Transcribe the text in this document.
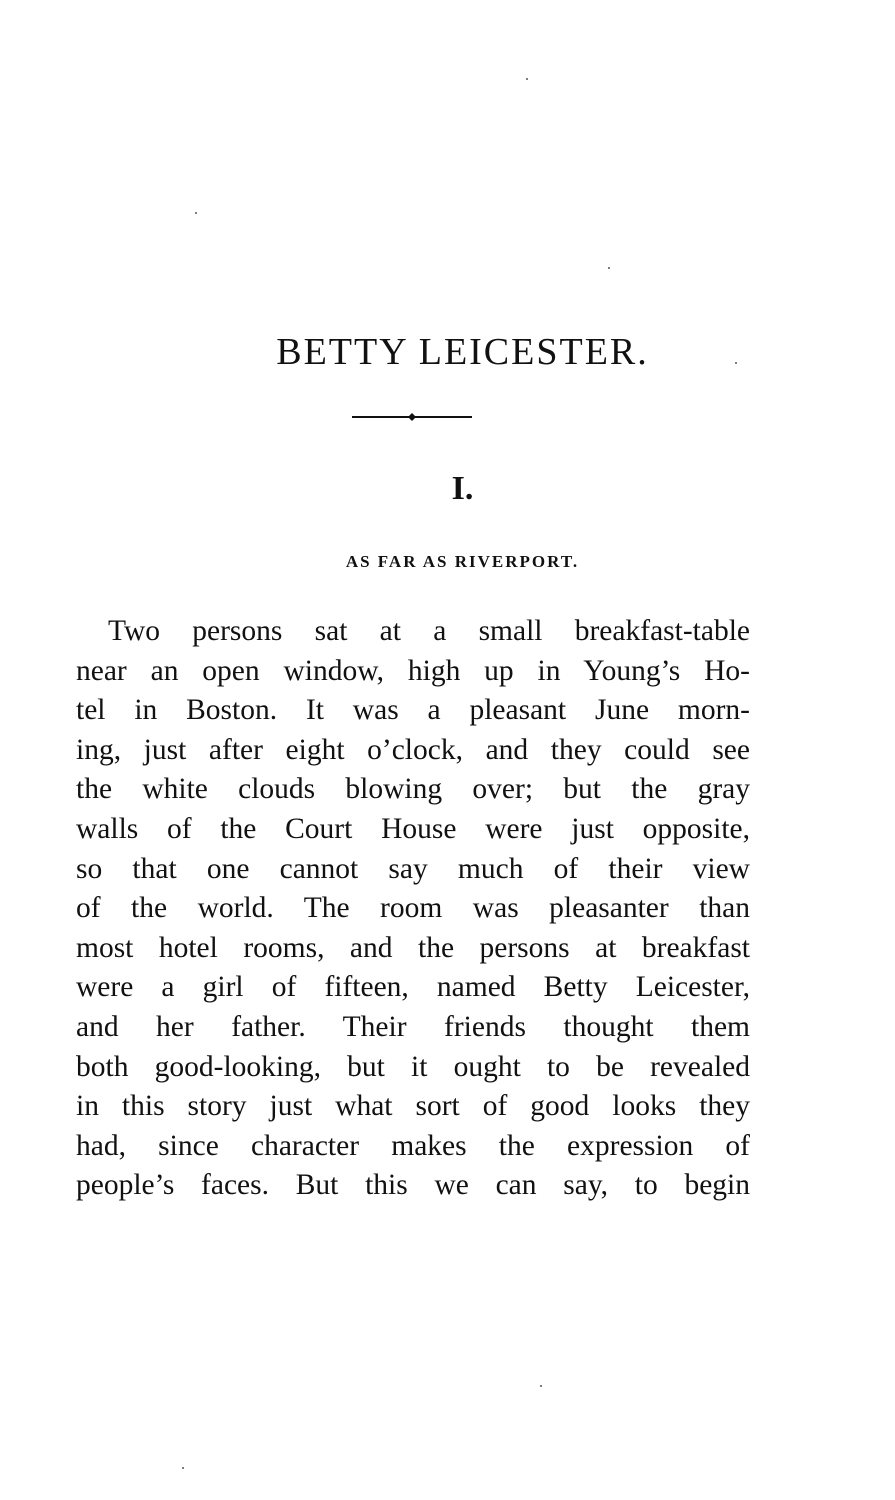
BETTY LEICESTER.
I.
AS FAR AS RIVERPORT.
Two persons sat at a small breakfast-table
near an open window, high up in Young’s Ho-
tel in Boston. It was a pleasant June morn-
ing, just after eight o’clock, and they could see
the white clouds blowing over; but the gray
walls of the Court House were just opposite,
so that one cannot say much of their view
of the world. The room was pleasanter than
most hotel rooms, and the persons at breakfast
were a girl of fifteen, named Betty Leicester,
and her father. Their friends thought them
both good-looking, but it ought to be revealed
in this story just what sort of good looks they
had, since character makes the expression of
people’s faces. But this we can say, to begin
